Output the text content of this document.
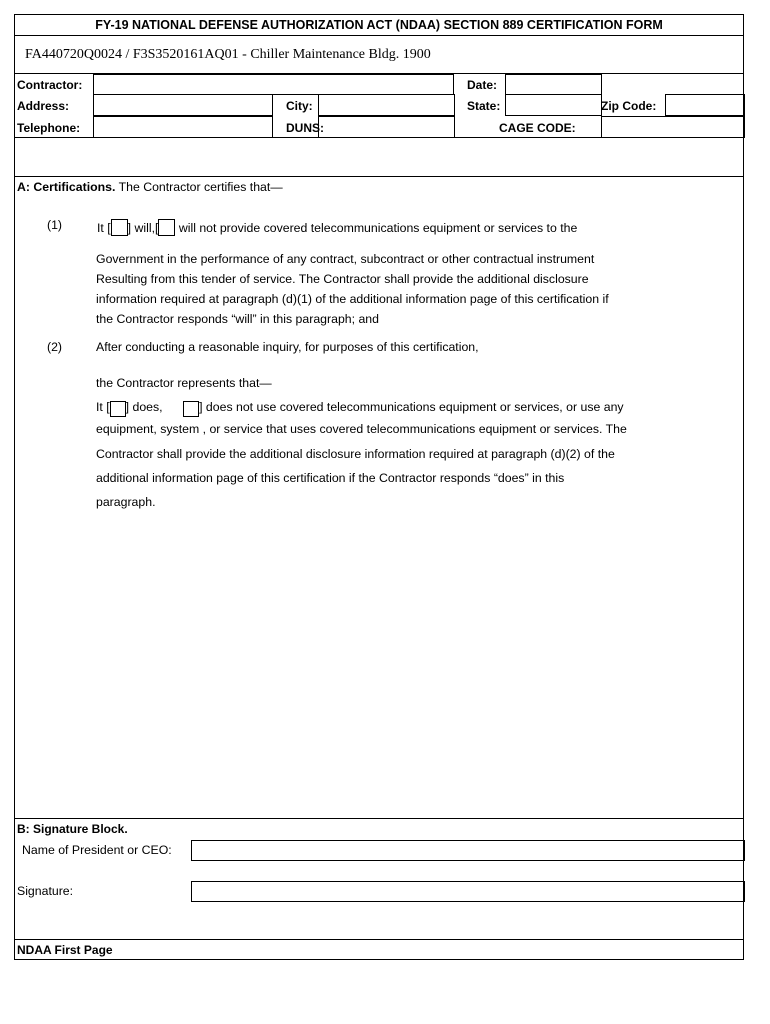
FY-19 NATIONAL DEFENSE AUTHORIZATION ACT (NDAA) SECTION 889 CERTIFICATION FORM
FA440720Q0024 / F3S3520161AQ01 - Chiller Maintenance Bldg. 1900
Contractor:	Date:
Address:	City:	State:	Zip Code:
Telephone:	DUNS:	CAGE CODE:
A: Certifications. The Contractor certifies that—
(1)	It [ ] will,[ will not provide covered telecommunications equipment or services to the
Government in the performance of any contract, subcontract or other contractual instrument
Resulting from this tender of service. The Contractor shall provide the additional disclosure
information required at paragraph (d)(1) of the additional information page of this certification if
the Contractor responds “will” in this paragraph; and
(2)	After conducting a reasonable inquiry, for purposes of this certification,
the Contractor represents that—
It [ ] does,	] does not use covered telecommunications equipment or services, or use any
equipment, system , or service that uses covered telecommunications equipment or services. The
Contractor shall provide the additional disclosure information required at paragraph (d)(2) of the
additional information page of this certification if the Contractor responds “does” in this
paragraph.
B: Signature Block.
Name of President or CEO:
Signature:
NDAA First Page
